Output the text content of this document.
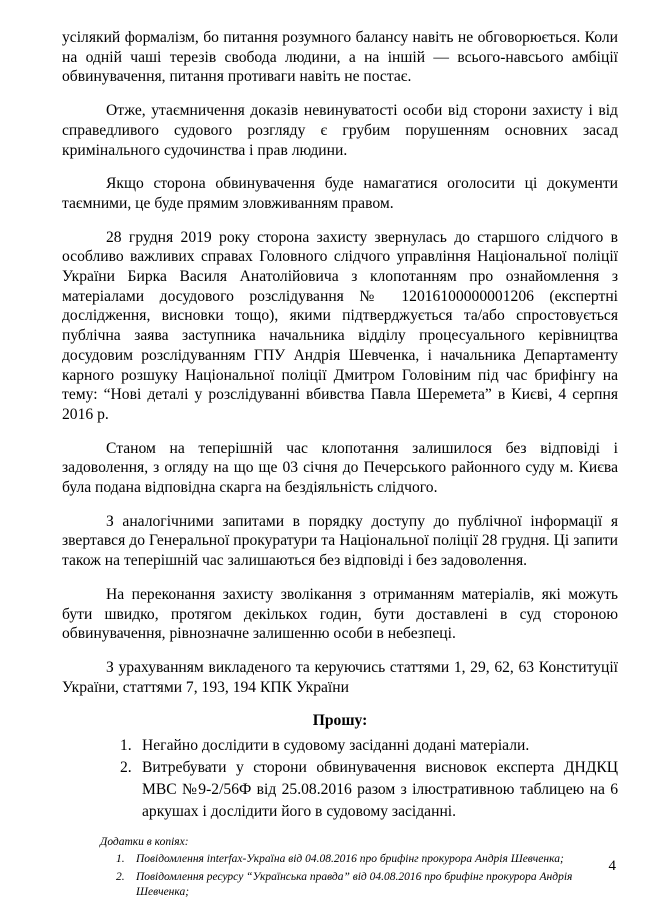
усілякий формалізм, бо питання розумного балансу навіть не обговорюється. Коли на одній чаші терезів свобода людини, а на іншій — всього-навсього амбіції обвинувачення, питання противаги навіть не постає.

Отже, утаємничення доказів невинуватості особи від сторони захисту і від справедливого судового розгляду є грубим порушенням основних засад кримінального судочинства і прав людини.

Якщо сторона обвинувачення буде намагатися оголосити ці документи таємними, це буде прямим зловживанням правом.

28 грудня 2019 року сторона захисту звернулась до старшого слідчого в особливо важливих справах Головного слідчого управління Національної поліції України Бирка Василя Анатолійовича з клопотанням про ознайомлення з матеріалами досудового розслідування № 12016100000001206 (експертні дослідження, висновки тощо), якими підтверджується та/або спростовується публічна заява заступника начальника відділу процесуального керівництва досудовим розслідуванням ГПУ Андрія Шевченка, і начальника Департаменту карного розшуку Національної поліції Дмитром Головіним під час брифінгу на тему: “Нові деталі у розслідуванні вбивства Павла Шеремета” в Києві, 4 серпня 2016 р.

Станом на теперішній час клопотання залишилося без відповіді і задоволення, з огляду на що ще 03 січня до Печерського районного суду м. Києва була подана відповідна скарга на бездіяльність слідчого.

З аналогічними запитами в порядку доступу до публічної інформації я звертався до Генеральної прокуратури та Національної поліції 28 грудня. Ці запити також на теперішній час залишаються без відповіді і без задоволення.

На переконання захисту зволікання з отриманням матеріалів, які можуть бути швидко, протягом декількох годин, бути доставлені в суд стороною обвинувачення, рівнозначне залишенню особи в небезпеці.

З урахуванням викладеного та керуючись статтями 1, 29, 62, 63 Конституції України, статтями 7, 193, 194 КПК України

Прошу:
1. Негайно дослідити в судовому засіданні додані матеріали.
2. Витребувати у сторони обвинувачення висновок експерта ДНДКЦ МВС №9-2/56Ф від 25.08.2016 разом з ілюстративною таблицею на 6 аркушах і дослідити його в судовому засіданні.
Додатки в копіях:
1. Повідомлення interfax-Україна від 04.08.2016 про брифінг прокурора Андрія Шевченка;
2. Повідомлення ресурсу “Українська правда” від 04.08.2016 про брифінг прокурора Андрія Шевченка;
4
